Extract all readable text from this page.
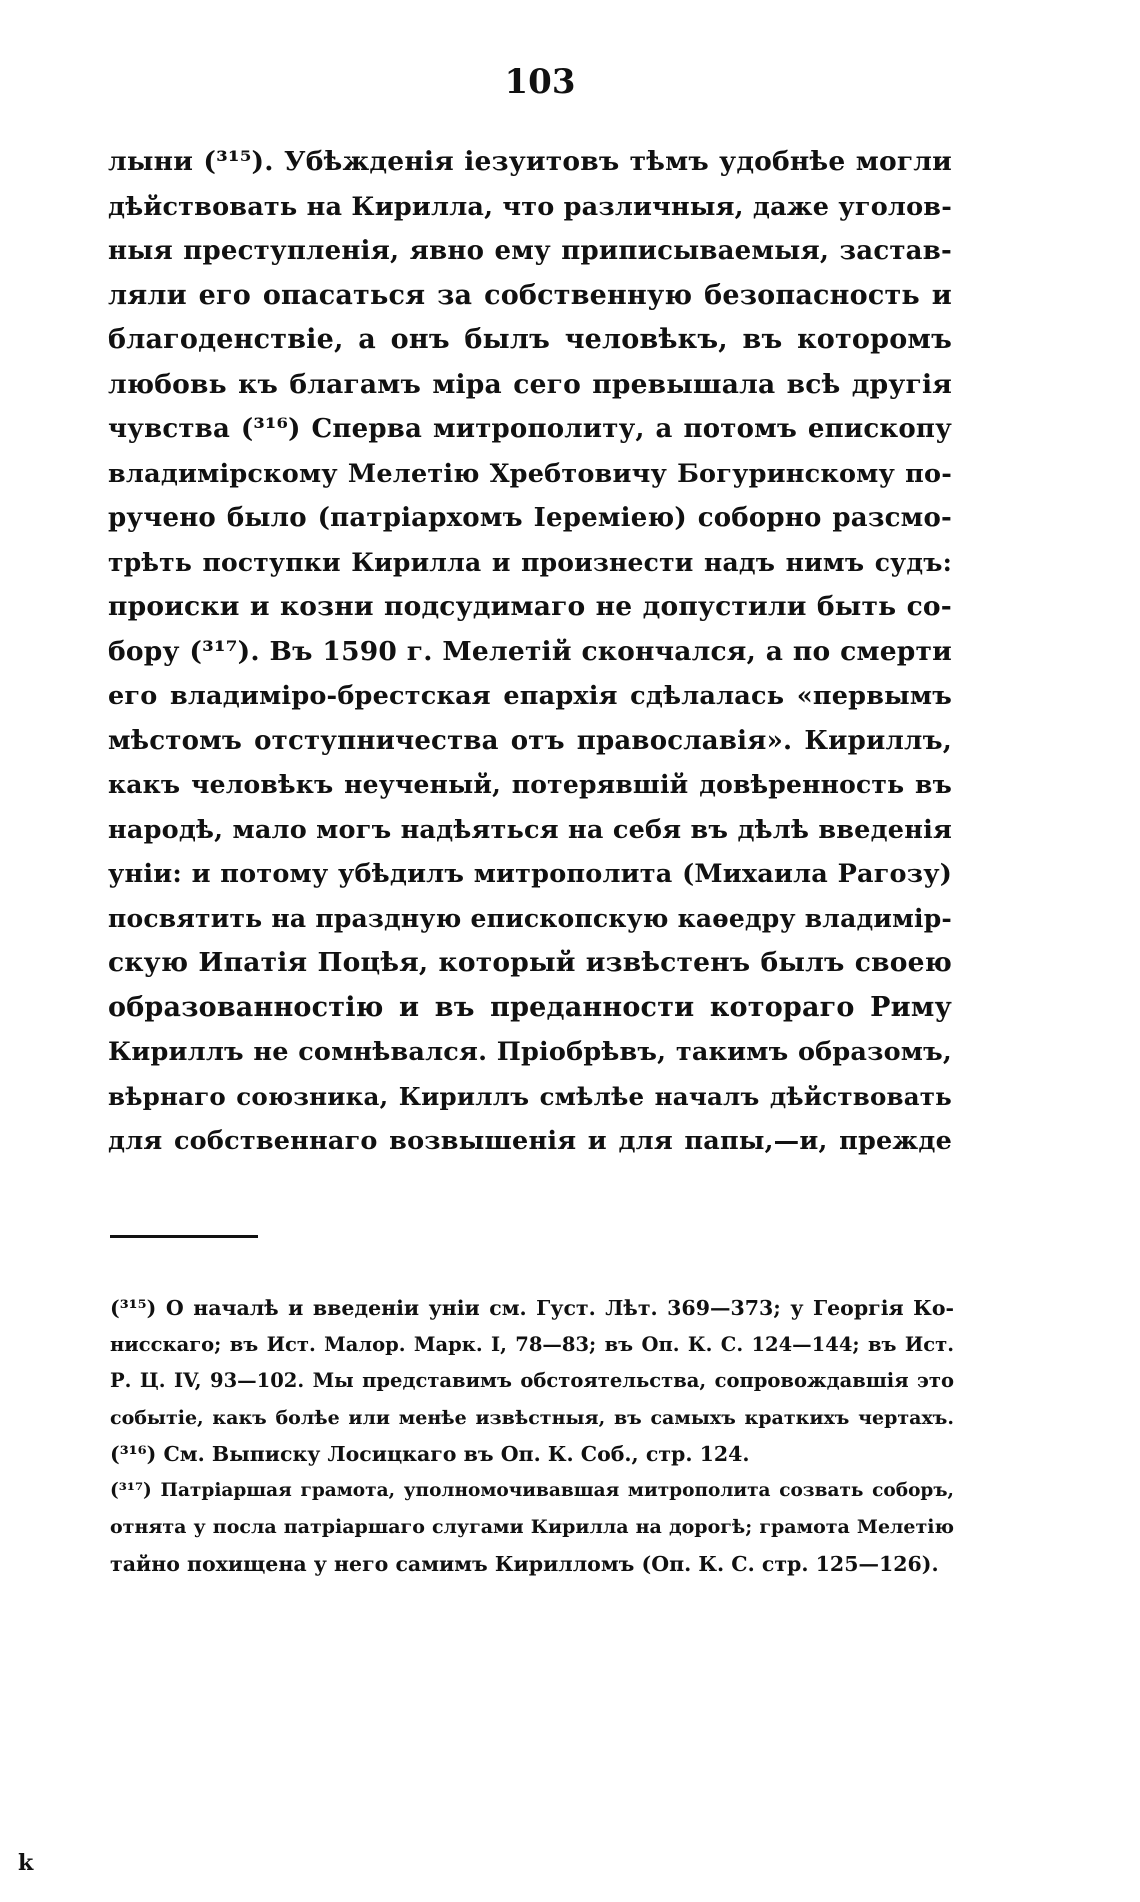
103
лыни (³¹⁵). Убѣжденія іезуитовъ тѣмъ удобнѣе могли
дѣйствовать на Кирилла, что различныя, даже уголов-
ныя преступленія, явно ему приписываемыя, застав-
ляли его опасаться за собственную безопасность и
благоденствіе, а онъ былъ человѣкъ, въ которомъ
любовь къ благамъ міра сего превышала всѣ другія
чувства (³¹⁶) Сперва митрополиту, а потомъ епископу
владимірскому Мелетію Хребтовичу Богуринскому по-
ручено было (патріархомъ Іереміею) соборно разсмо-
трѣть поступки Кирилла и произнести надъ нимъ судъ:
происки и козни подсудимаго не допустили быть со-
бору (³¹⁷). Въ 1590 г. Мелетій скончался, а по смерти
его владиміро-брестская епархія сдѣлалась «первымъ
мѣстомъ отступничества отъ православія». Кириллъ,
какъ человѣкъ неученый, потерявшій довѣренность въ
народѣ, мало могъ надѣяться на себя въ дѣлѣ введенія
уніи: и потому убѣдилъ митрополита (Михаила Рагозу)
посвятить на праздную епископскую каѳедру владимір-
скую Ипатія Поцѣя, который извѣстенъ былъ своею
образованностію и въ преданности котораго Риму
Кириллъ не сомнѣвался. Пріобрѣвъ, такимъ образомъ,
вѣрнаго союзника, Кириллъ смѣлѣе началъ дѣйствовать
для собственнаго возвышенія и для папы,—и, прежде
(³¹⁵) О началѣ и введеніи уніи см. Густ. Лѣт. 369—373; у Георгія Ко-
нисскаго; въ Ист. Малор. Марк. I, 78—83; въ Оп. К. С. 124—144; въ Ист.
Р. Ц. IV, 93—102. Мы представимъ обстоятельства, сопровождавшія это
событіе, какъ болѣе или менѣе извѣстныя, въ самыхъ краткихъ чертахъ.
(³¹⁶) См. Выписку Лосицкаго въ Оп. К. Соб., стр. 124.
(³¹⁷) Патріаршая грамота, уполномочивавшая митрополита созвать соборъ,
отнята у посла патріаршаго слугами Кирилла на дорогѣ; грамота Мелетію
тайно похищена у него самимъ Кирилломъ (Оп. К. С. стр. 125—126).
k
